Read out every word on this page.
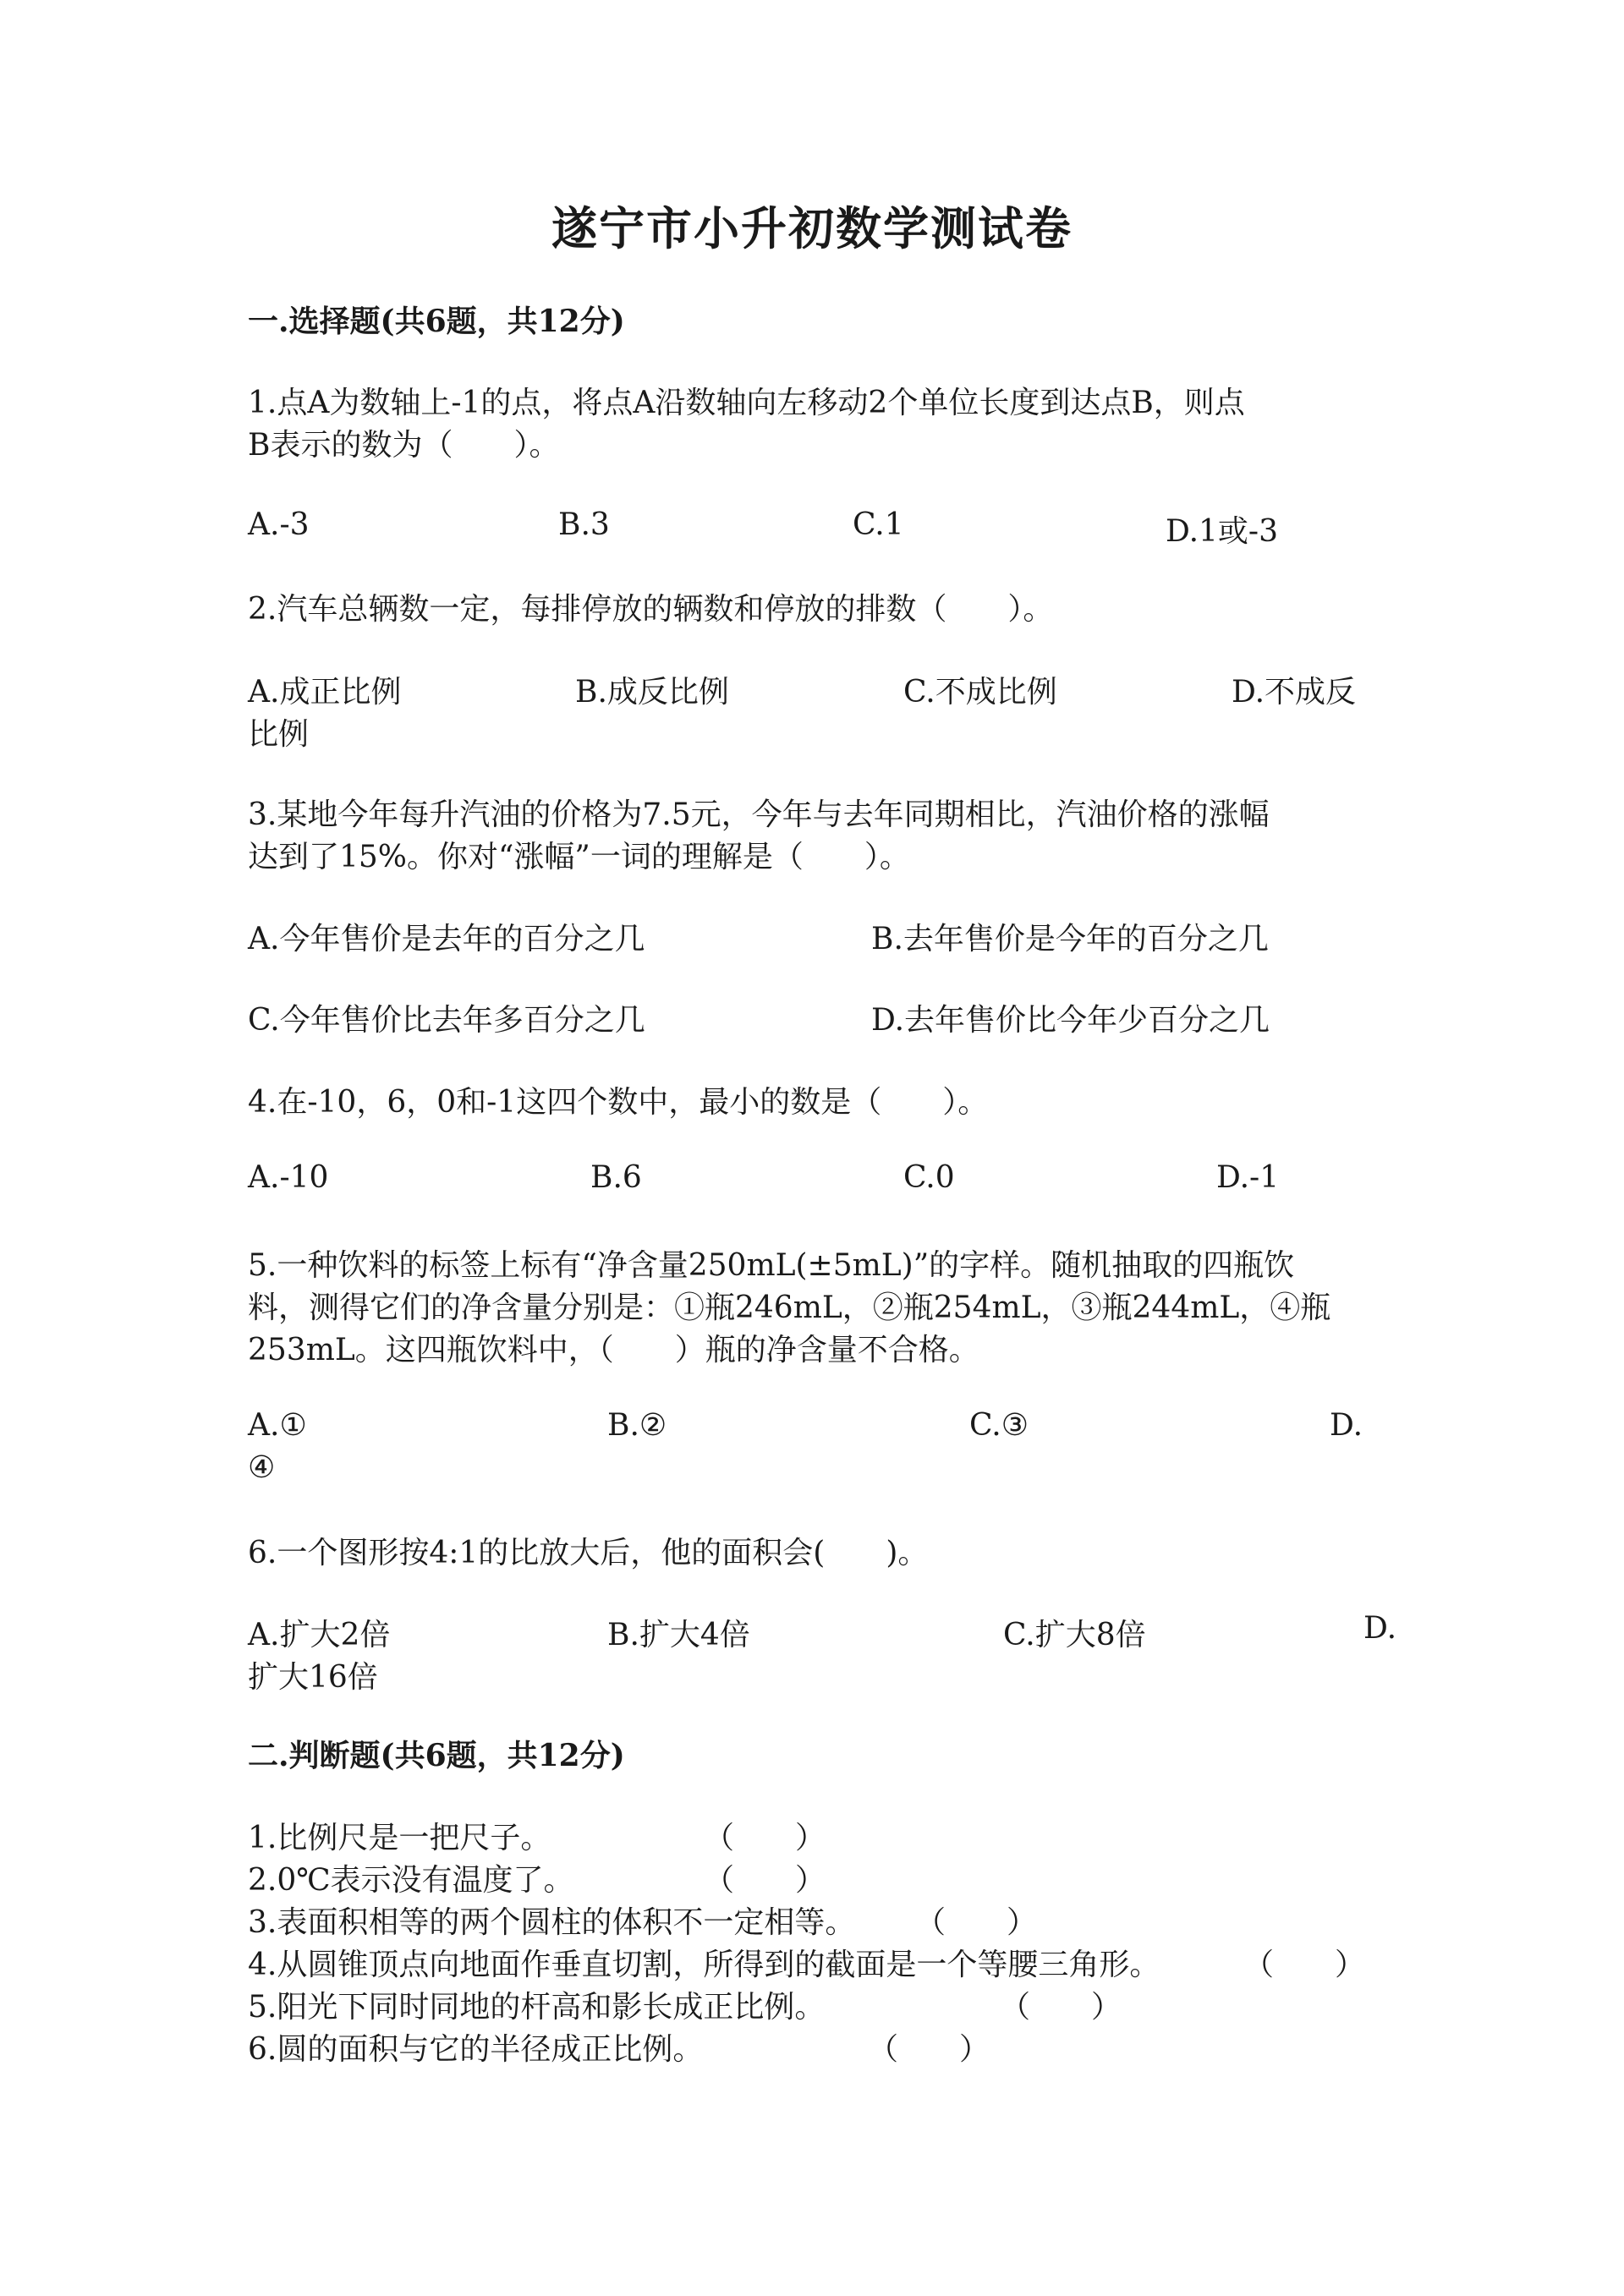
遂宁市小升初数学测试卷
一.选择题(共6题，共12分)
1.点A为数轴上-1的点，将点A沿数轴向左移动2个单位长度到达点B，则点
B表示的数为（　　）。
A.-3	B.3	C.1	D.1或-3
2.汽车总辆数一定，每排停放的辆数和停放的排数（　　）。
A.成正比例	B.成反比例	C.不成比例	D.不成反
比例
3.某地今年每升汽油的价格为7.5元，今年与去年同期相比，汽油价格的涨幅
达到了15%。你对“涨幅”一词的理解是（　　）。
A.今年售价是去年的百分之几	B.去年售价是今年的百分之几
C.今年售价比去年多百分之几	D.去年售价比今年少百分之几
4.在-10，6，0和-1这四个数中，最小的数是（　　）。
A.-10	B.6	C.0	D.-1
5.一种饮料的标签上标有“净含量250mL(±5mL)”的字样。随机抽取的四瓶饮
料，测得它们的净含量分别是：①瓶246mL，②瓶254mL，③瓶244mL，④瓶
253mL。这四瓶饮料中，（　　）瓶的净含量不合格。
A.①	B.②	C.③	D.
④
6.一个图形按4:1的比放大后，他的面积会(　　)。
A.扩大2倍	B.扩大4倍	C.扩大8倍	D.
扩大16倍
二.判断题(共6题，共12分)
1.比例尺是一把尺子。	（　　）
2.0℃表示没有温度了。	（　　）
3.表面积相等的两个圆柱的体积不一定相等。 （　　）
4.从圆锥顶点向地面作垂直切割，所得到的截面是一个等腰三角形。	（　　）
5.阳光下同时同地的杆高和影长成正比例。	（　　）
6.圆的面积与它的半径成正比例。	（　　）
